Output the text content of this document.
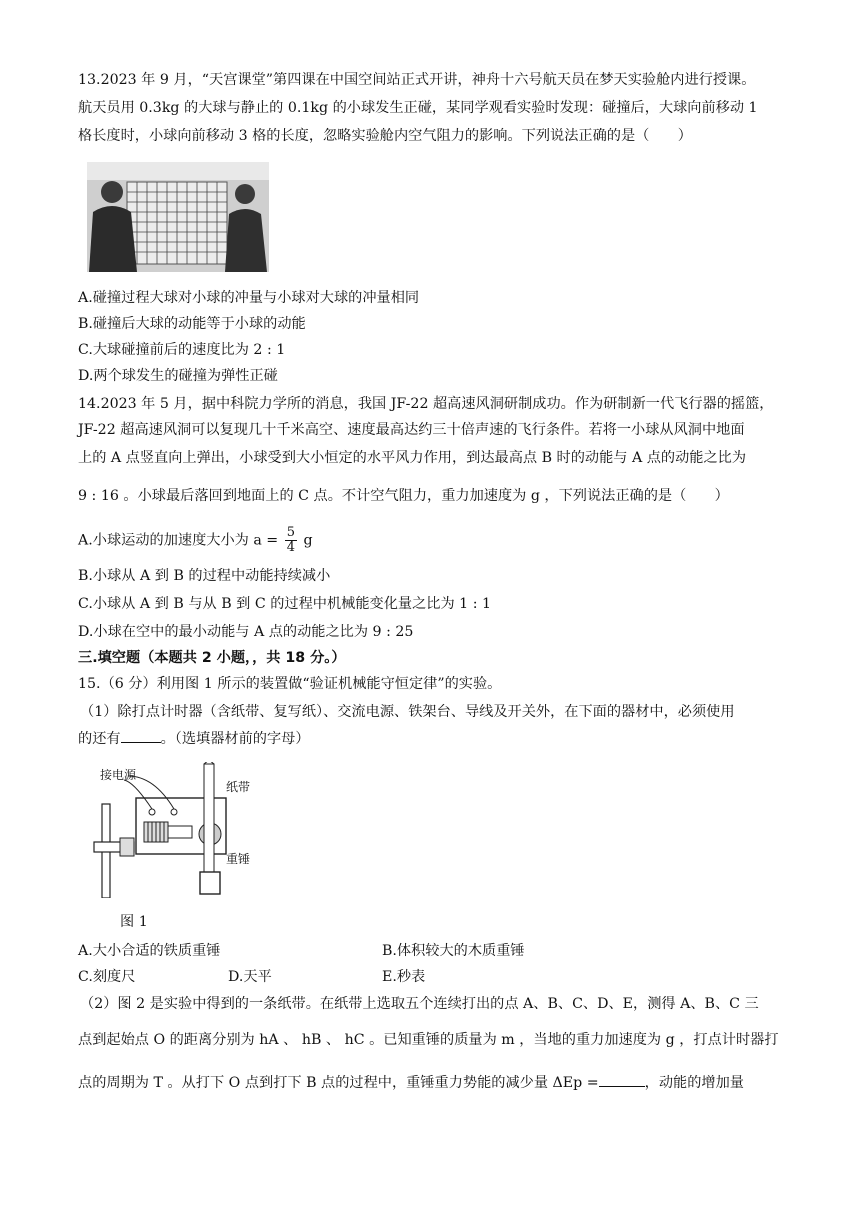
13.2023 年 9 月，“天宫课堂”第四课在中国空间站正式开讲，神舟十六号航天员在梦天实验舱内进行授课。
航天员用 0.3kg 的大球与静止的 0.1kg 的小球发生正碰，某同学观看实验时发现：碰撞后，大球向前移动 1
格长度时，小球向前移动 3 格的长度，忽略实验舱内空气阻力的影响。下列说法正确的是（　　）
A.碰撞过程大球对小球的冲量与小球对大球的冲量相同
B.碰撞后大球的动能等于小球的动能
C.大球碰撞前后的速度比为 2 : 1
D.两个球发生的碰撞为弹性正碰
14.2023 年 5 月，据中科院力学所的消息，我国 JF-22 超高速风洞研制成功。作为研制新一代飞行器的摇篮，
JF-22 超高速风洞可以复现几十千米高空、速度最高达约三十倍声速的飞行条件。若将一小球从风洞中地面
上的 A 点竖直向上弹出，小球受到大小恒定的水平风力作用，到达最高点 B 时的动能与 A 点的动能之比为
9 : 16 。小球最后落回到地面上的 C 点。不计空气阻力，重力加速度为 g ，下列说法正确的是（　　）
A.小球运动的加速度大小为 $a = \frac{5}{4}$ g
B.小球从 A 到 B 的过程中动能持续减小
C.小球从 A 到 B 与从 B 到 C 的过程中机械能变化量之比为 1 : 1
D.小球在空中的最小动能与 A 点的动能之比为 9 : 25
三.填空题（本题共 2 小题，，共 18 分。）
15.（6 分）利用图 1 所示的装置做“验证机械能守恒定律”的实验。
（1）除打点计时器（含纸带、复写纸）、交流电源、铁架台、导线及开关外，在下面的器材中，必须使用
的还有	。（选填器材前的字母）
接电源
纸带
重锤
图 1
A.大小合适的铁质重锤	B.体积较大的木质重锤
C.刻度尺	D.天平	E.秒表
（2）图 2 是实验中得到的一条纸带。在纸带上选取五个连续打出的点 A、B、C、D、E，测得 A、B、C 三
点到起始点 O 的距离分别为 hA 、 hB 、 hC 。已知重锤的质量为 m ，当地的重力加速度为 g ，打点计时器打
点的周期为 T 。从打下 O 点到打下 B 点的过程中，重锤重力势能的减少量 ΔEp =	，动能的增加量
